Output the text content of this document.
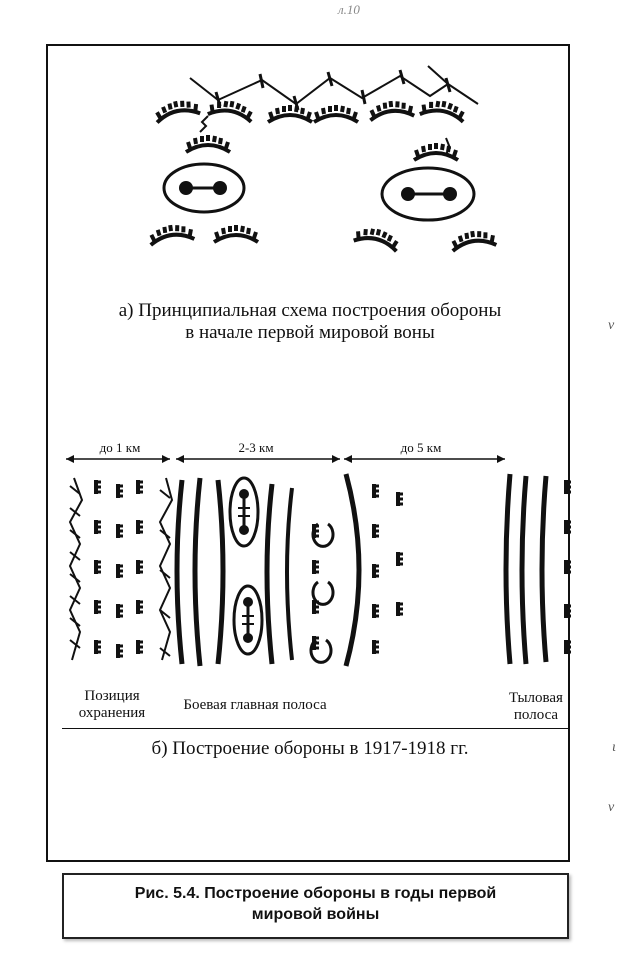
л.10
а) Принципиальная схема построения обороны
в начале первой мировой воны
до 1 км	2-3 км	до 5 км
Позиция
охранения	Боевая главная полоса	Тыловая
полоса
б) Построение обороны в 1917-1918 гг.
Рис. 5.4. Построение обороны в годы первой
мировой войны
v
ι
v
